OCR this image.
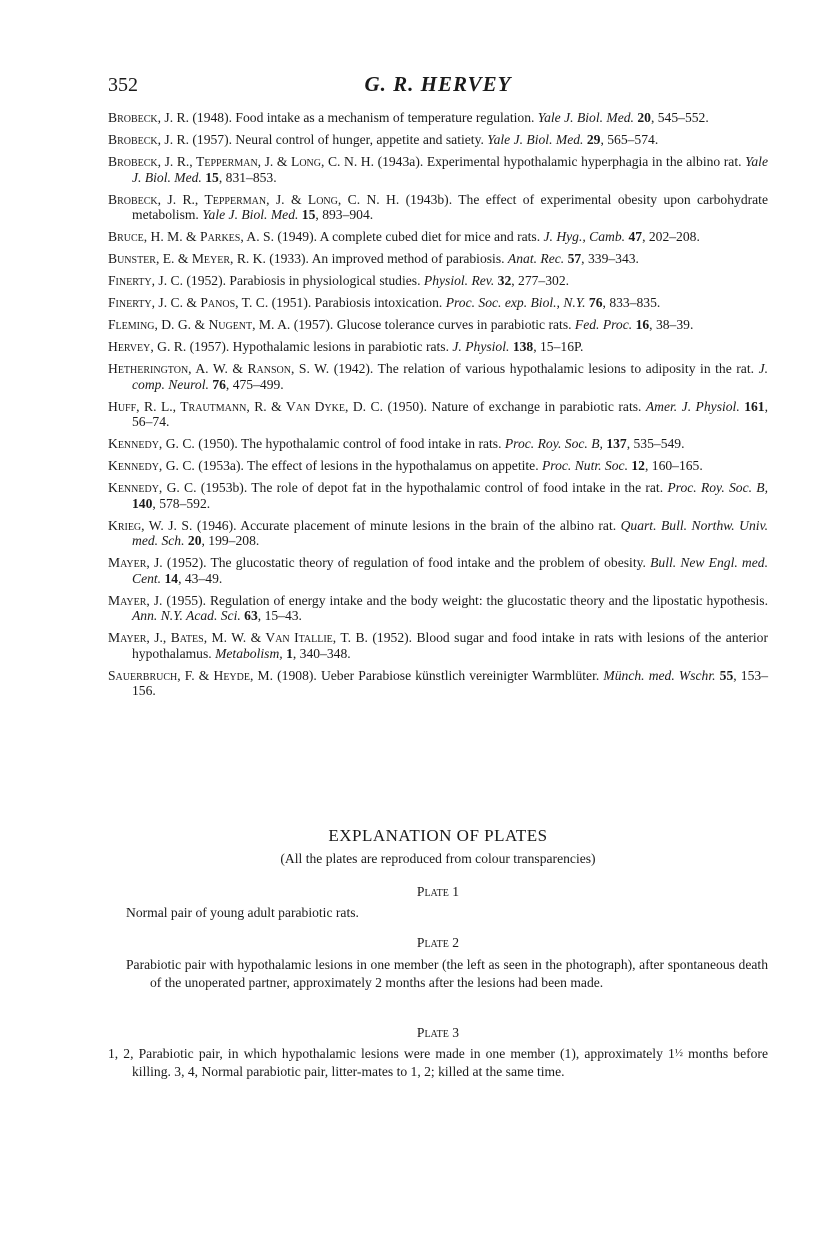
352	G. R. HERVEY

Brobeck, J. R. (1948). Food intake as a mechanism of temperature regulation. Yale J. Biol. Med. 20, 545–552.

Brobeck, J. R. (1957). Neural control of hunger, appetite and satiety. Yale J. Biol. Med. 29, 565–574.

Brobeck, J. R., Tepperman, J. & Long, C. N. H. (1943a). Experimental hypothalamic hyperphagia in the albino rat. Yale J. Biol. Med. 15, 831–853.

Brobeck, J. R., Tepperman, J. & Long, C. N. H. (1943b). The effect of experimental obesity upon carbohydrate metabolism. Yale J. Biol. Med. 15, 893–904.

Bruce, H. M. & Parkes, A. S. (1949). A complete cubed diet for mice and rats. J. Hyg., Camb. 47, 202–208.

Bunster, E. & Meyer, R. K. (1933). An improved method of parabiosis. Anat. Rec. 57, 339–343.

Finerty, J. C. (1952). Parabiosis in physiological studies. Physiol. Rev. 32, 277–302.

Finerty, J. C. & Panos, T. C. (1951). Parabiosis intoxication. Proc. Soc. exp. Biol., N.Y. 76, 833–835.

Fleming, D. G. & Nugent, M. A. (1957). Glucose tolerance curves in parabiotic rats. Fed. Proc. 16, 38–39.

Hervey, G. R. (1957). Hypothalamic lesions in parabiotic rats. J. Physiol. 138, 15–16P.

Hetherington, A. W. & Ranson, S. W. (1942). The relation of various hypothalamic lesions to adiposity in the rat. J. comp. Neurol. 76, 475–499.

Huff, R. L., Trautmann, R. & Van Dyke, D. C. (1950). Nature of exchange in parabiotic rats. Amer. J. Physiol. 161, 56–74.

Kennedy, G. C. (1950). The hypothalamic control of food intake in rats. Proc. Roy. Soc. B, 137, 535–549.

Kennedy, G. C. (1953a). The effect of lesions in the hypothalamus on appetite. Proc. Nutr. Soc. 12, 160–165.

Kennedy, G. C. (1953b). The role of depot fat in the hypothalamic control of food intake in the rat. Proc. Roy. Soc. B, 140, 578–592.

Krieg, W. J. S. (1946). Accurate placement of minute lesions in the brain of the albino rat. Quart. Bull. Northw. Univ. med. Sch. 20, 199–208.

Mayer, J. (1952). The glucostatic theory of regulation of food intake and the problem of obesity. Bull. New Engl. med. Cent. 14, 43–49.

Mayer, J. (1955). Regulation of energy intake and the body weight: the glucostatic theory and the lipostatic hypothesis. Ann. N.Y. Acad. Sci. 63, 15–43.

Mayer, J., Bates, M. W. & Van Itallie, T. B. (1952). Blood sugar and food intake in rats with lesions of the anterior hypothalamus. Metabolism, 1, 340–348.

Sauerbruch, F. & Heyde, M. (1908). Ueber Parabiose künstlich vereinigter Warmblüter. Münch. med. Wschr. 55, 153–156.

EXPLANATION OF PLATES
(All the plates are reproduced from colour transparencies)
Plate 1
Normal pair of young adult parabiotic rats.
Plate 2
Parabiotic pair with hypothalamic lesions in one member (the left as seen in the photograph), after spontaneous death of the unoperated partner, approximately 2 months after the lesions had been made.
Plate 3
1, 2, Parabiotic pair, in which hypothalamic lesions were made in one member (1), approximately 1½ months before killing. 3, 4, Normal parabiotic pair, litter-mates to 1, 2; killed at the same time.
